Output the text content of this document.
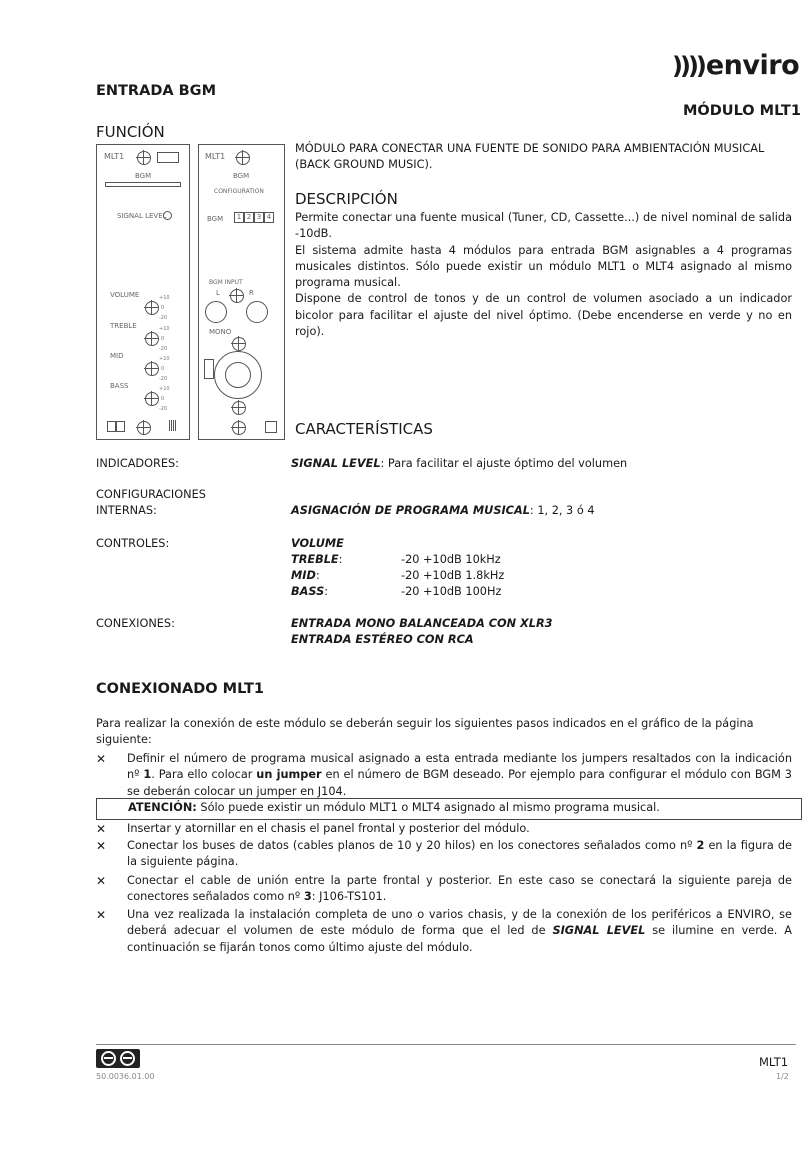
))))enviro
ENTRADA BGM
MÓDULO MLT1
FUNCIÓN
MLT1
BGM
SIGNAL LEVEL
VOLUME	+10
0
-20
TREBLE	+10
0
-20
MID	+10
0
-20
BASS	+10
0
-20
MLT1
BGM
CONFIGURATION
BGM	1 2 3 4
BGM INPUT
L	R
MONO
MÓDULO PARA CONECTAR UNA FUENTE DE SONIDO PARA AMBIENTACIÓN MUSICAL (BACK GROUND MUSIC).
DESCRIPCIÓN
Permite conectar una fuente musical (Tuner, CD, Cassette...) de nivel nominal de salida -10dB.
El sistema admite hasta 4 módulos para entrada BGM asignables a 4 programas musicales distintos. Sólo puede existir un módulo MLT1 o MLT4 asignado al mismo programa musical.
Dispone de control de tonos y de un control de volumen asociado a un indicador bicolor para facilitar el ajuste del nivel óptimo. (Debe encenderse en verde y no en rojo).
CARACTERÍSTICAS
INDICADORES:	SIGNAL LEVEL: Para facilitar el ajuste óptimo del volumen
CONFIGURACIONES
INTERNAS:	ASIGNACIÓN DE PROGRAMA MUSICAL: 1, 2, 3 ó 4
CONTROLES:	VOLUME
TREBLE:	-20 +10dB 10kHz
MID:	-20 +10dB 1.8kHz
BASS:	-20 +10dB 100Hz
CONEXIONES:	ENTRADA MONO BALANCEADA CON XLR3
ENTRADA ESTÉREO CON RCA
CONEXIONADO MLT1
Para realizar la conexión de este módulo se deberán seguir los siguientes pasos indicados en el gráfico de la página siguiente:
✕ Definir el número de programa musical asignado a esta entrada mediante los jumpers resaltados con la indicación nº 1. Para ello colocar un jumper en el número de BGM deseado. Por ejemplo para configurar el módulo con BGM 3 se deberán colocar un jumper en J104.
ATENCIÓN: Sólo puede existir un módulo MLT1 o MLT4 asignado al mismo programa musical.
✕ Insertar y atornillar en el chasis el panel frontal y posterior del módulo.
✕ Conectar los buses de datos (cables planos de 10 y 20 hilos) en los conectores señalados como nº 2 en la figura de la siguiente página.
✕ Conectar el cable de unión entre la parte frontal y posterior. En este caso se conectará la siguiente pareja de conectores señalados como nº 3: J106-TS101.
✕ Una vez realizada la instalación completa de uno o varios chasis, y de la conexión de los periféricos a ENVIRO, se deberá adecuar el volumen de este módulo de forma que el led de SIGNAL LEVEL se ilumine en verde. A continuación se fijarán tonos como último ajuste del módulo.
50.0036.01.00
MLT1
1/2
